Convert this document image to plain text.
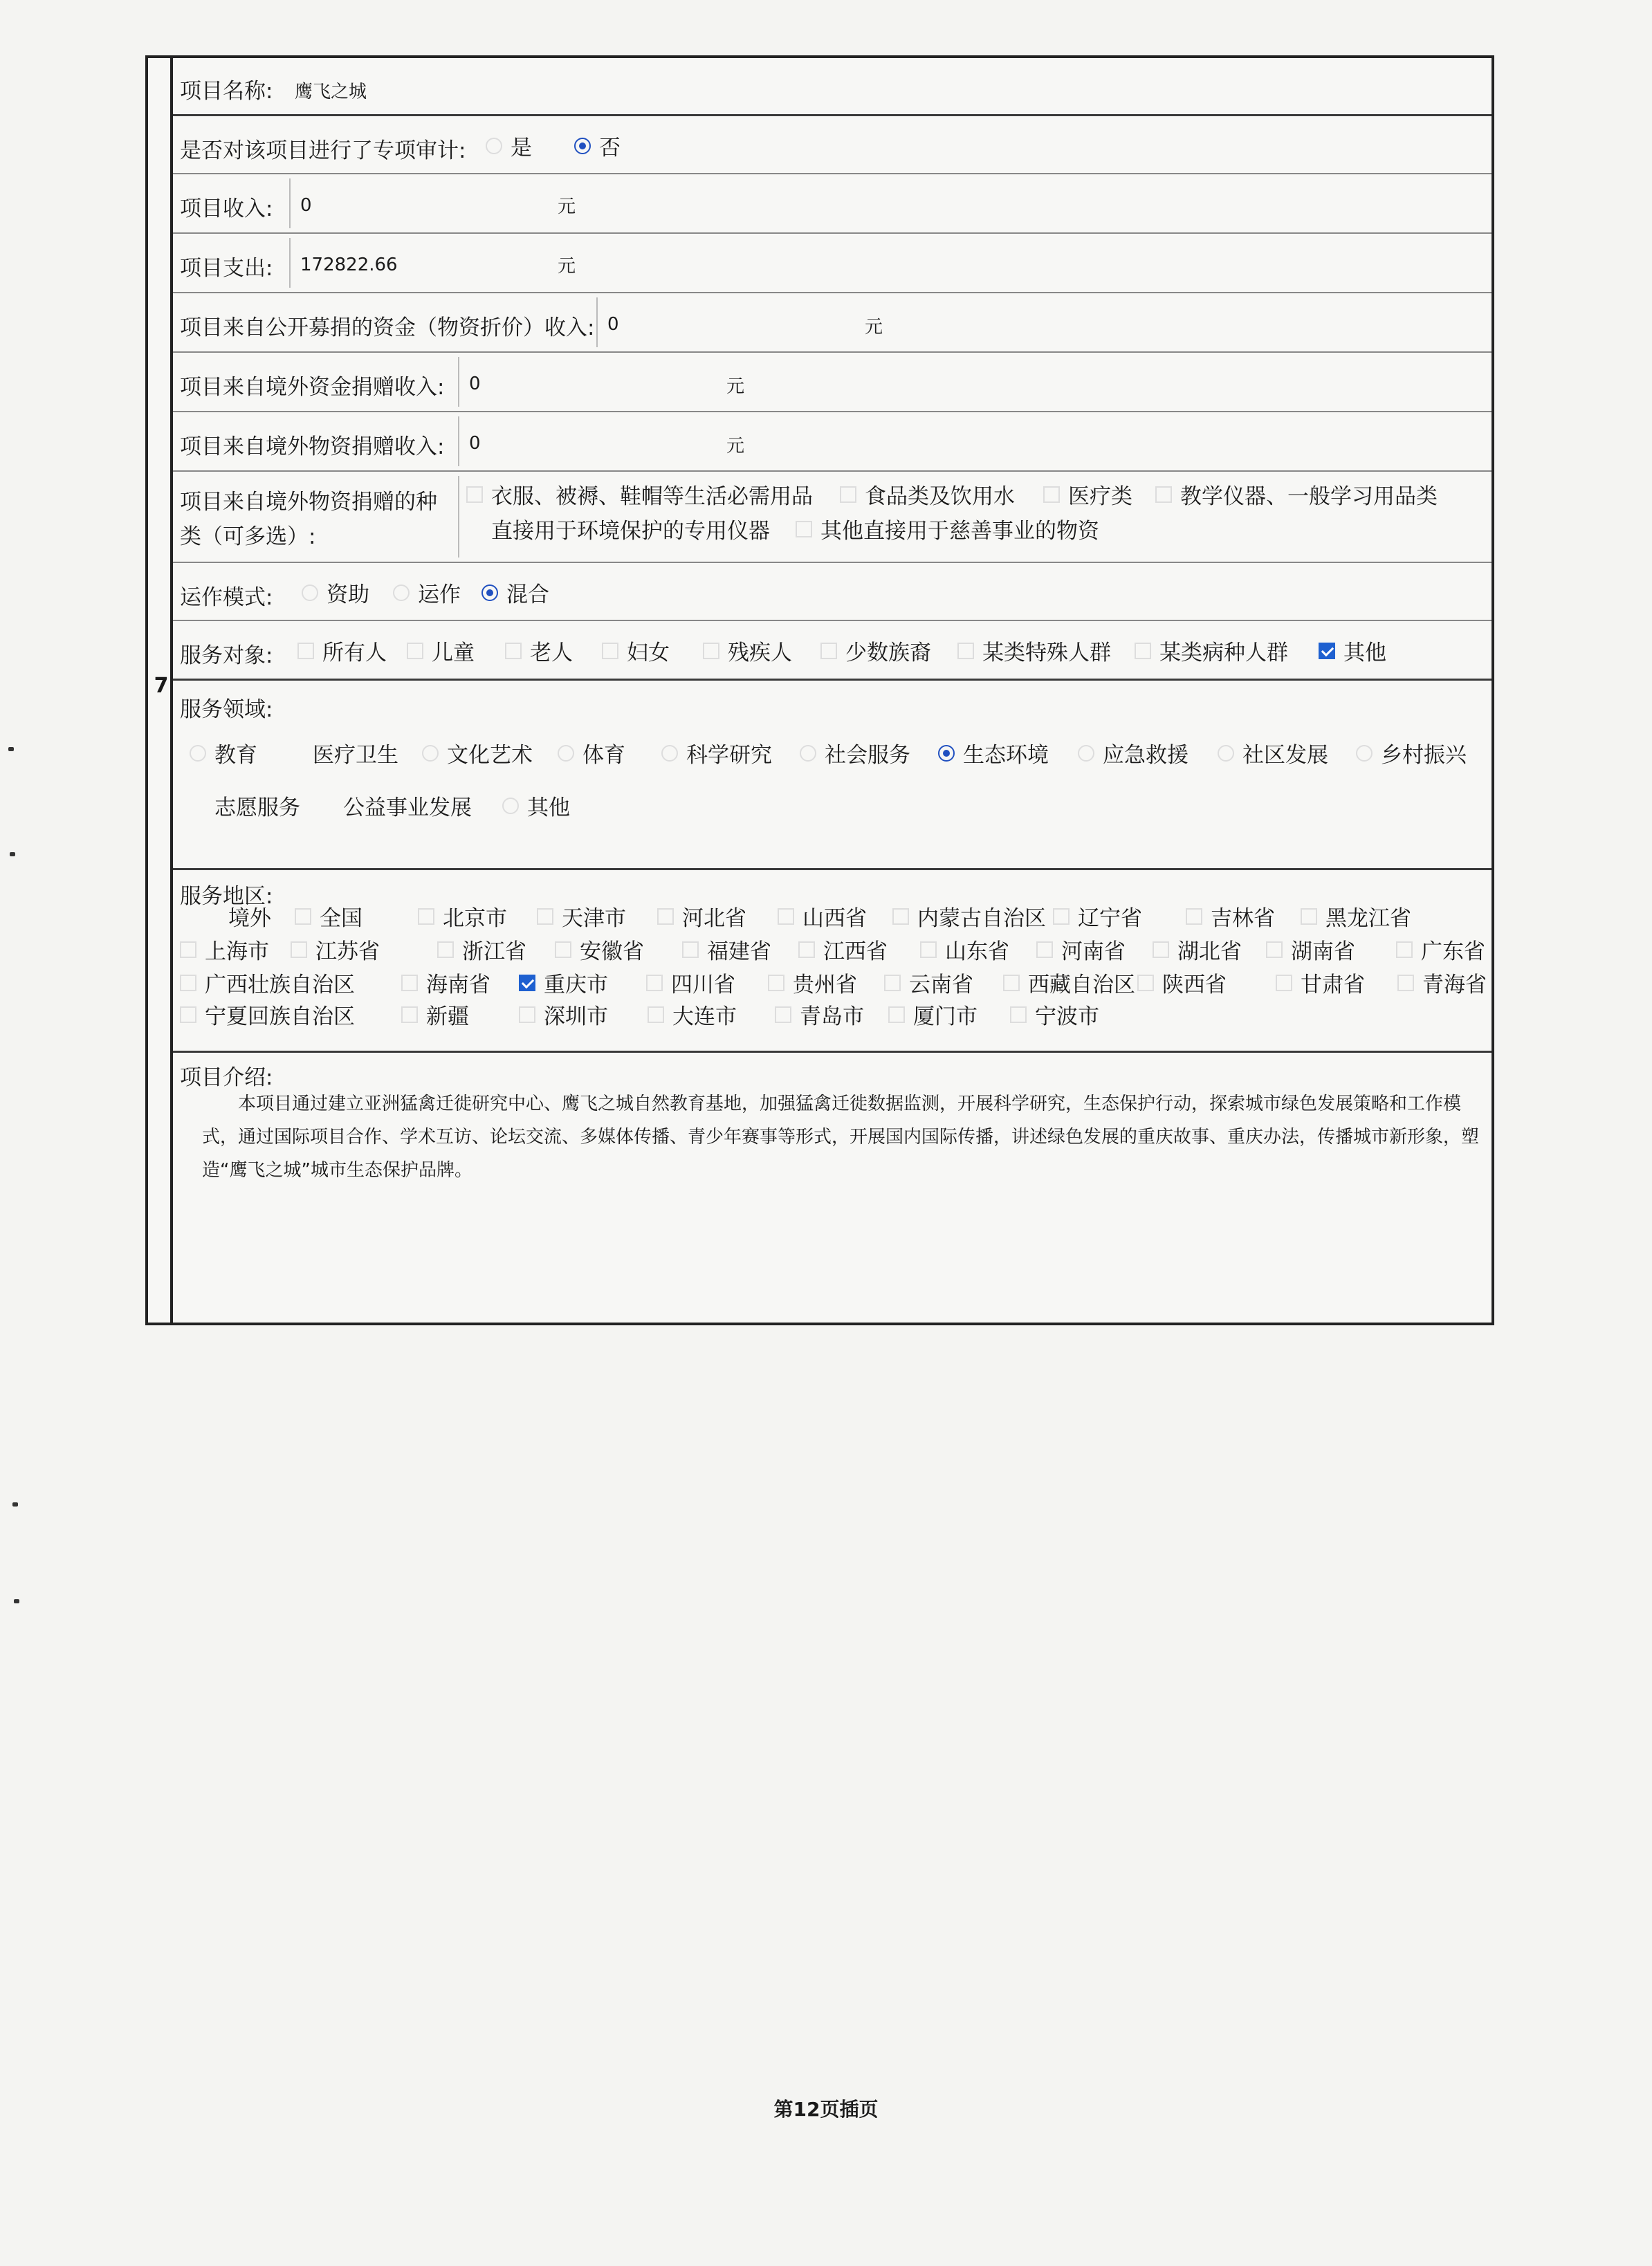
7
项目名称: 鹰飞之城
是否对该项目进行了专项审计: 是	否
项目收入: 0	元
项目支出: 172822.66	元
项目来自公开募捐的资金（物资折价）收入: 0	元
项目来自境外资金捐赠收入: 0	元
项目来自境外物资捐赠收入: 0	元
项目来自境外物资捐赠的种
类（可多选）:
衣服、被褥、鞋帽等生活必需用品 食品类及饮用水 医疗类 教学仪器、一般学习用品类
直接用于环境保护的专用仪器 其他直接用于慈善事业的物资
运作模式:	资助 运作 混合
服务对象: 所有人 儿童	老人	妇女	残疾人 少数族裔 某类特殊人群 某类病种人群	其他
服务领域:
教育	医疗卫生 文化艺术 体育	科学研究 社会服务 生态环境	应急救援	社区发展 乡村振兴
志愿服务 公益事业发展	其他
服务地区:
境外 全国	北京市	天津市	河北省	山西省 内蒙古自治区 辽宁省	吉林省 黑龙江省
上海市 江苏省	浙江省 安徽省	福建省 江西省	山东省 河南省 湖北省 湖南省	广东省
广西壮族自治区	海南省 重庆市	四川省	贵州省 云南省	西藏自治区 陕西省	甘肃省	青海省
宁夏回族自治区	新疆	深圳市	大连市	青岛市 厦门市	宁波市
项目介绍:
本项目通过建立亚洲猛禽迁徙研究中心、鹰飞之城自然教育基地，加强猛禽迁徙数据监测，开展科学研究，生态保护行动，探索城市绿色发展策略和工作模式，通过国际项目合作、学术互访、论坛交流、多媒体传播、青少年赛事等形式，开展国内国际传播，讲述绿色发展的重庆故事、重庆办法，传播城市新形象，塑造“鹰飞之城”城市生态保护品牌。
第12页插页
